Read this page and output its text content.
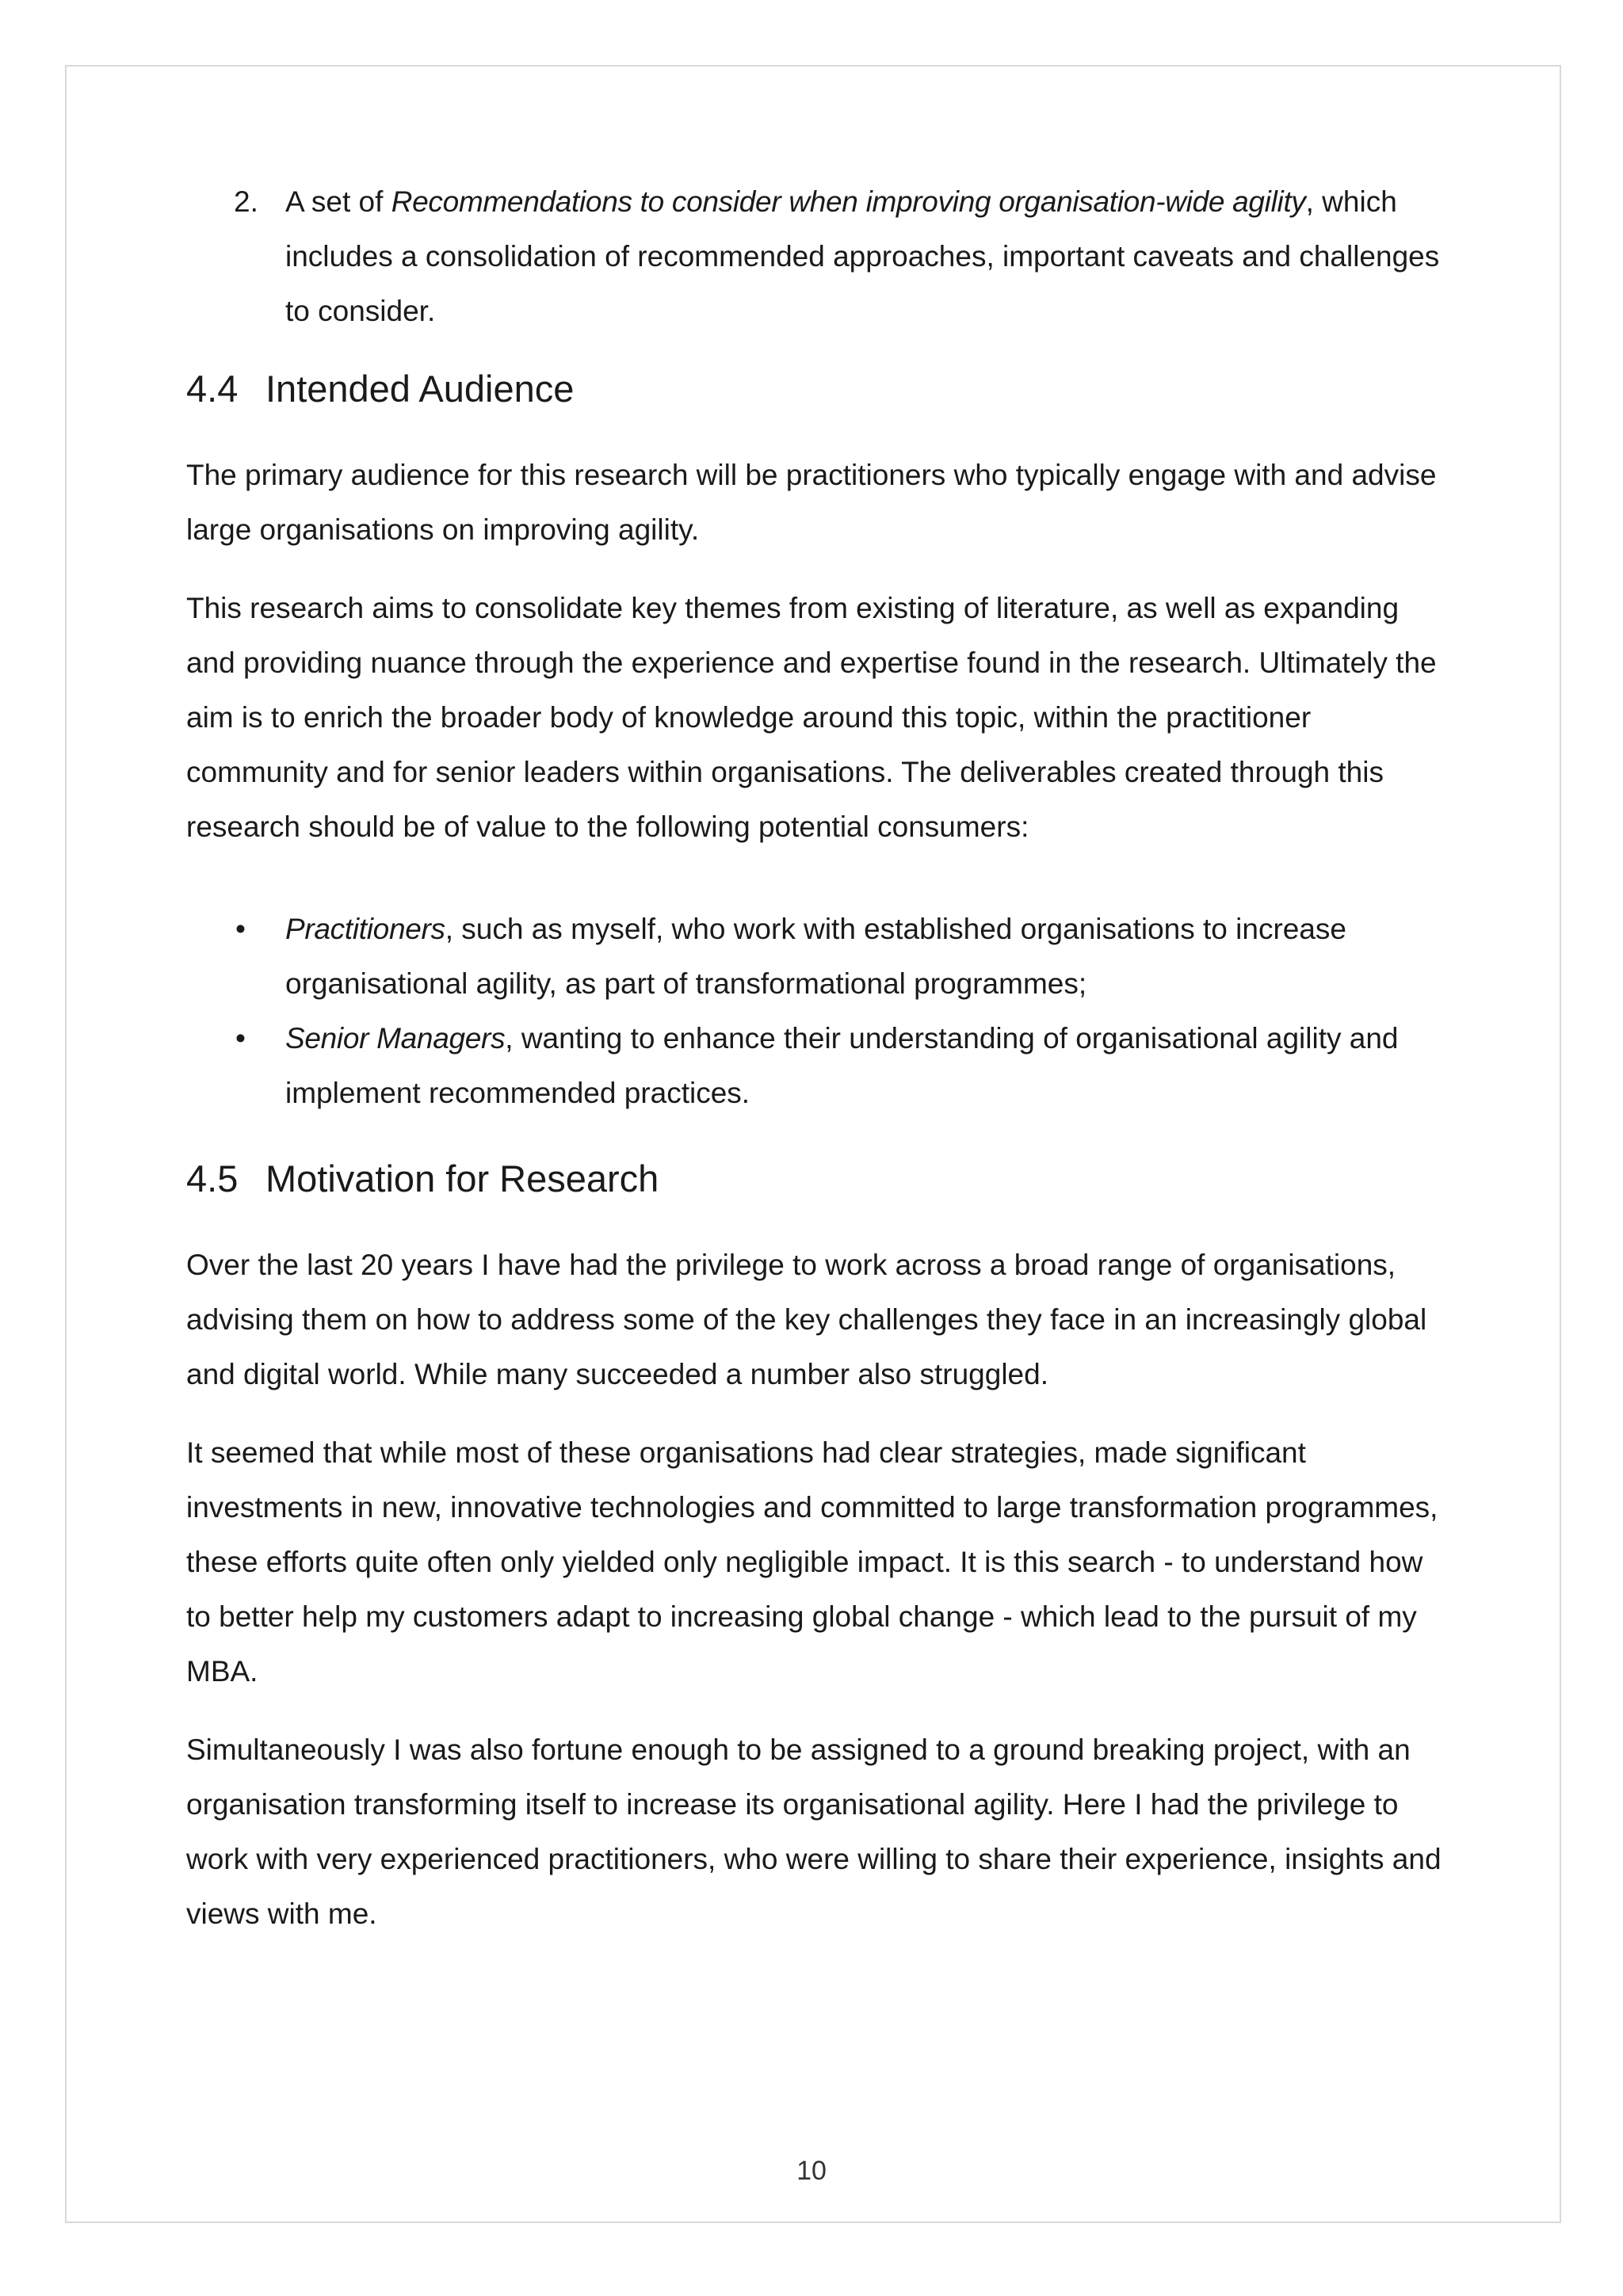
2. A set of Recommendations to consider when improving organisation-wide agility, which includes a consolidation of recommended approaches, important caveats and challenges to consider.
4.4 Intended Audience

The primary audience for this research will be practitioners who typically engage with and advise large organisations on improving agility.

This research aims to consolidate key themes from existing of literature, as well as expanding and providing nuance through the experience and expertise found in the research. Ultimately the aim is to enrich the broader body of knowledge around this topic, within the practitioner community and for senior leaders within organisations. The deliverables created through this research should be of value to the following potential consumers:

• Practitioners, such as myself, who work with established organisations to increase organisational agility, as part of transformational programmes;
• Senior Managers, wanting to enhance their understanding of organisational agility and implement recommended practices.
4.5 Motivation for Research

Over the last 20 years I have had the privilege to work across a broad range of organisations, advising them on how to address some of the key challenges they face in an increasingly global and digital world. While many succeeded a number also struggled.

It seemed that while most of these organisations had clear strategies, made significant investments in new, innovative technologies and committed to large transformation programmes, these efforts quite often only yielded only negligible impact. It is this search - to understand how to better help my customers adapt to increasing global change - which lead to the pursuit of my MBA.

Simultaneously I was also fortune enough to be assigned to a ground breaking project, with an organisation transforming itself to increase its organisational agility. Here I had the privilege to work with very experienced practitioners, who were willing to share their experience, insights and views with me.

10
